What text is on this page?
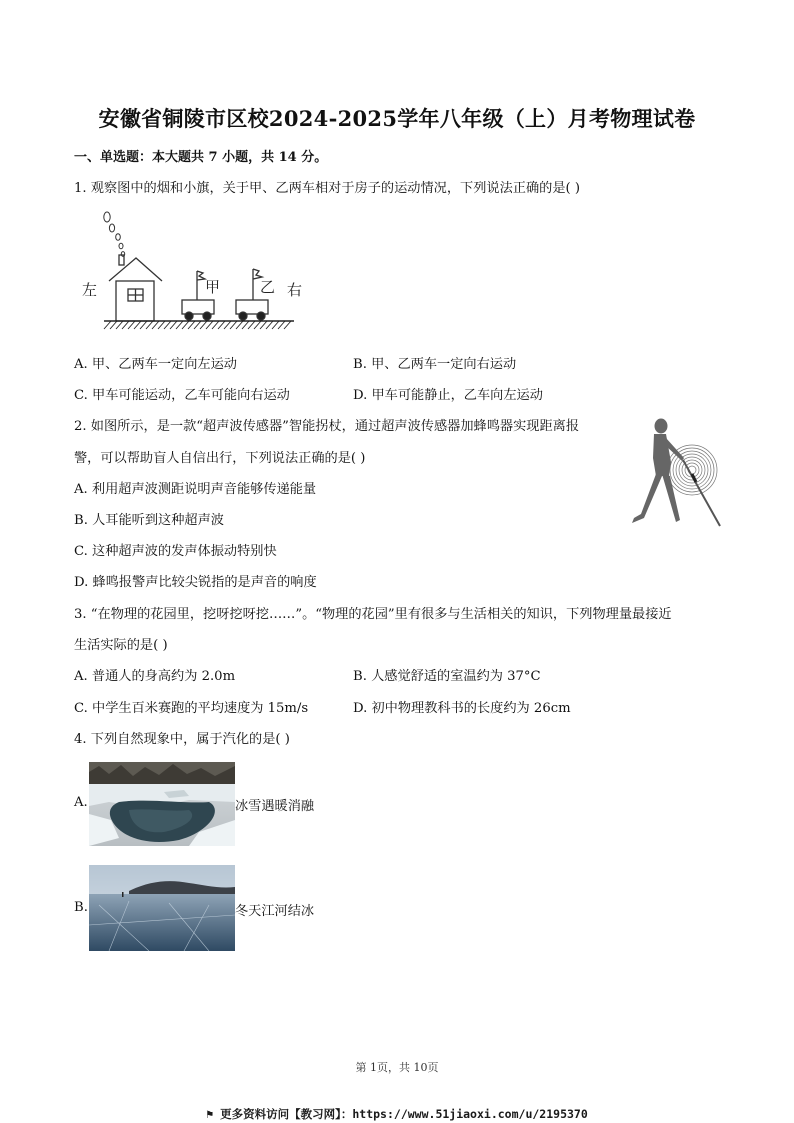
安徽省铜陵市区校2024-2025学年八年级（上）月考物理试卷
一、单选题：本大题共 7 小题，共 14 分。
1. 观察图中的烟和小旗，关于甲、乙两车相对于房子的运动情况，下列说法正确的是( )
甲	乙
左	右
A. 甲、乙两车一定向左运动	B. 甲、乙两车一定向右运动
C. 甲车可能运动，乙车可能向右运动	D. 甲车可能静止，乙车向左运动
2. 如图所示，是一款“超声波传感器”智能拐杖，通过超声波传感器加蜂鸣器实现距离报
警，可以帮助盲人自信出行，下列说法正确的是( )
A. 利用超声波测距说明声音能够传递能量
B. 人耳能听到这种超声波
C. 这种超声波的发声体振动特别快
D. 蜂鸣报警声比较尖锐指的是声音的响度
3. “在物理的花园里，挖呀挖呀挖……”。“物理的花园”里有很多与生活相关的知识，下列物理量最接近
生活实际的是( )
A. 普通人的身高约为 2.0m	B. 人感觉舒适的室温约为 37°C
C. 中学生百米赛跑的平均速度为 15m/s	D. 初中物理教科书的长度约为 26cm
4. 下列自然现象中，属于汽化的是( )
A.	冰雪遇暖消融
B.	冬天江河结冰
第 1页，共 10页
⚑ 更多资料访问【教习网】：https://www.51jiaoxi.com/u/2195370
